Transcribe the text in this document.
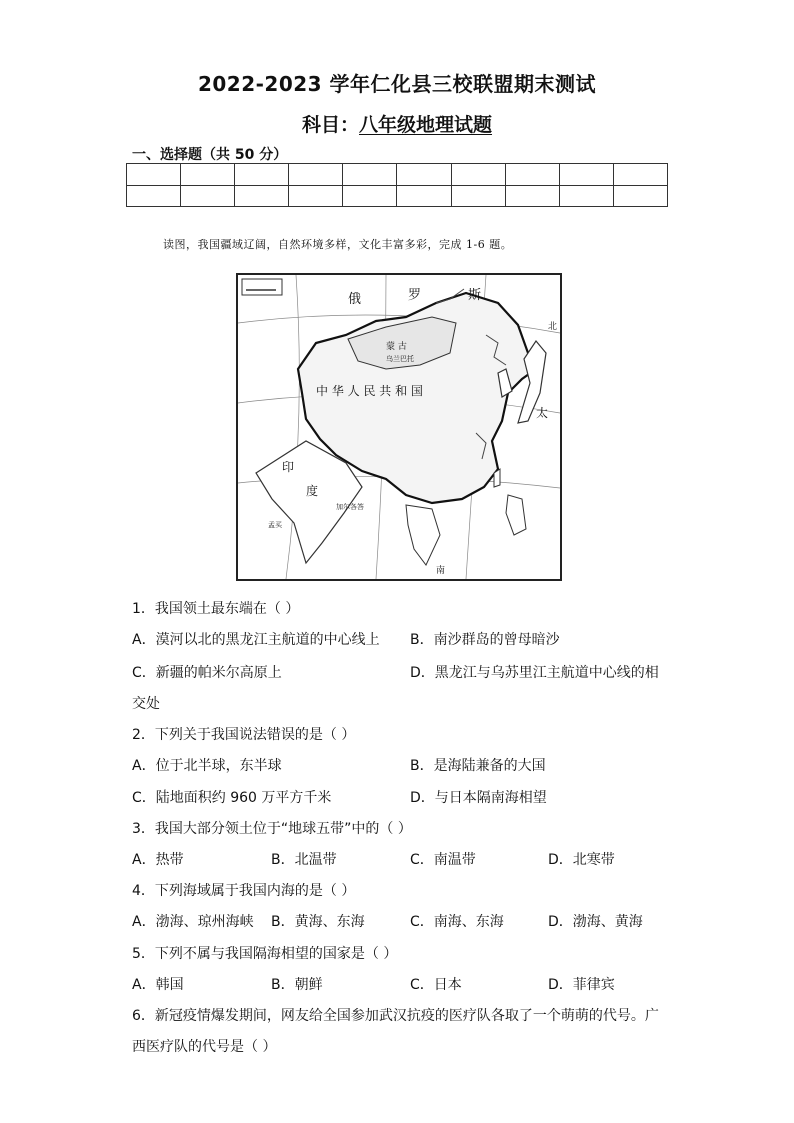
2022-2023 学年仁化县三校联盟期末测试
科目：八年级地理试题
一、选择题（共 50 分）

读图，我国疆域辽阔，自然环境多样，文化丰富多彩，完成 1-6 题。
俄	罗	斯
中 华 人 民 共 和 国
蒙 古
乌兰巴托
太
印
度
北
南
加尔各答
孟买
1．我国领土最东端在（ ）
A．漠河以北的黑龙江主航道的中心线上 B．南沙群岛的曾母暗沙
C．新疆的帕米尔高原上	D．黑龙江与乌苏里江主航道中心线的相
交处
2．下列关于我国说法错误的是（ ）
A．位于北半球，东半球	B．是海陆兼备的大国
C．陆地面积约 960 万平方千米	D．与日本隔南海相望
3．我国大部分领土位于“地球五带”中的（ ）
A．热带	B．北温带	C．南温带	D．北寒带
4．下列海域属于我国内海的是（ ）
A．渤海、琼州海峡 B．黄海、东海	C．南海、东海	D．渤海、黄海
5．下列不属与我国隔海相望的国家是（ ）
A．韩国	B．朝鲜	C．日本	D．菲律宾
6．新冠疫情爆发期间，网友给全国参加武汉抗疫的医疗队各取了一个萌萌的代号。广
西医疗队的代号是（ ）
